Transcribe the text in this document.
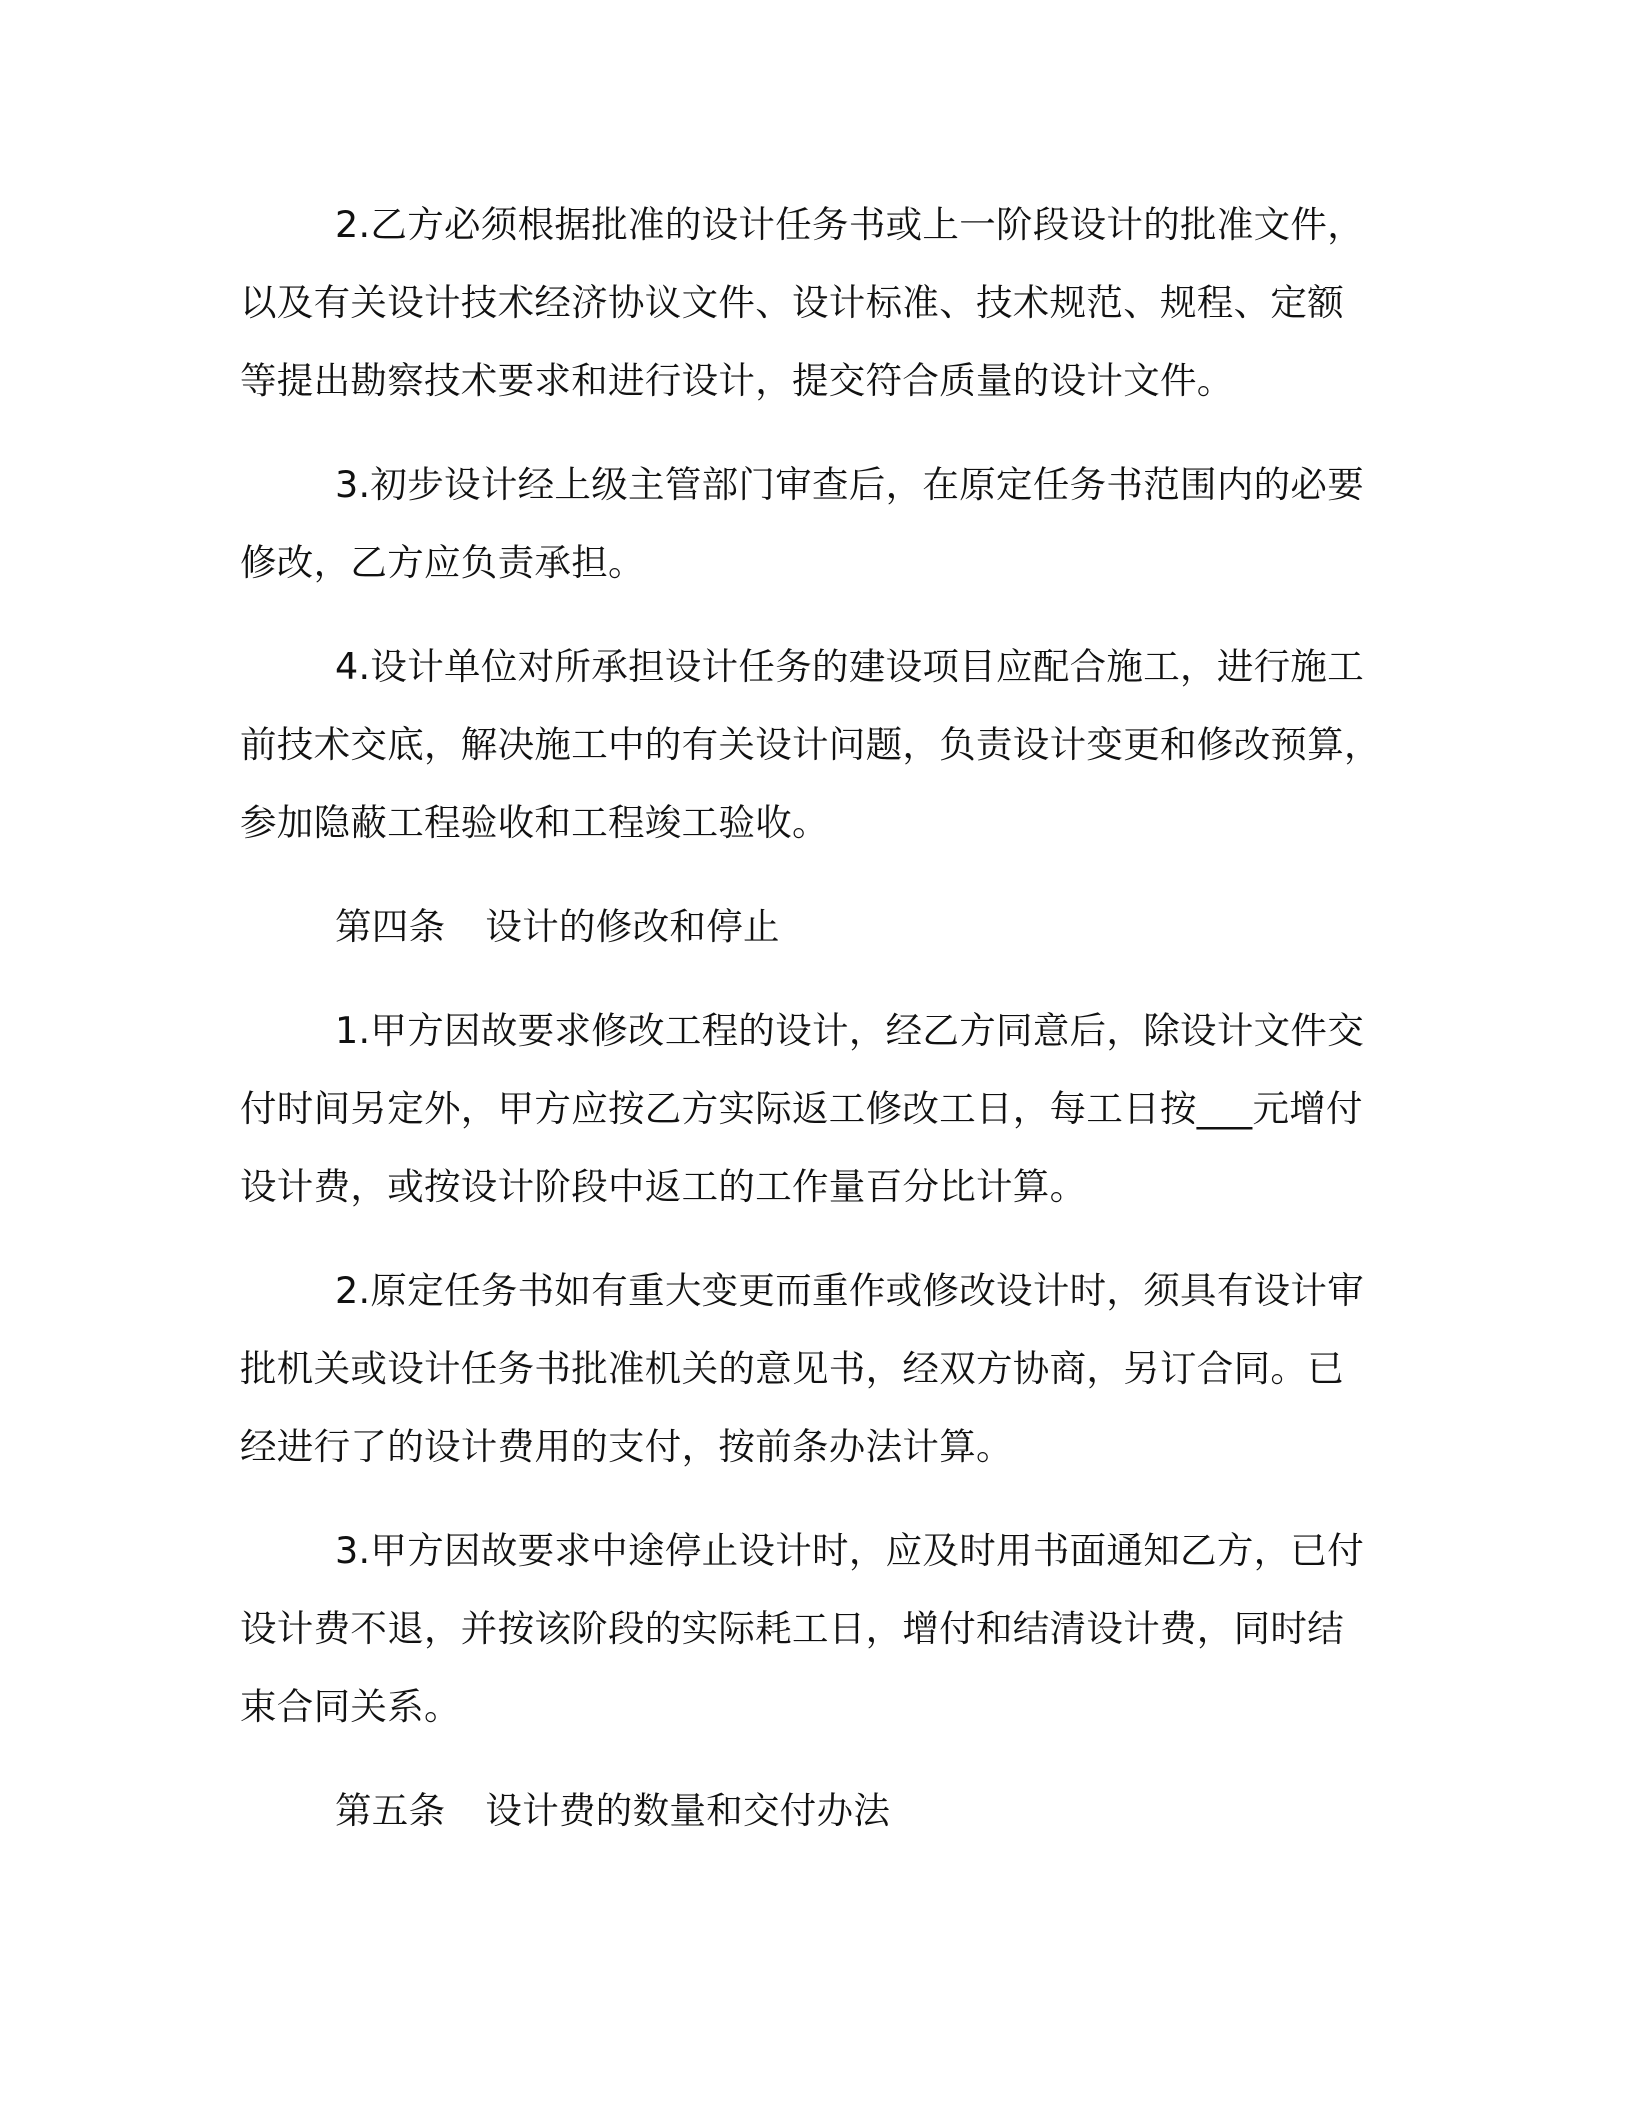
2.乙方必须根据批准的设计任务书或上一阶段设计的批准文件，
以及有关设计技术经济协议文件、设计标准、技术规范、规程、定额
等提出勘察技术要求和进行设计，提交符合质量的设计文件。

3.初步设计经上级主管部门审查后，在原定任务书范围内的必要
修改，乙方应负责承担。

4.设计单位对所承担设计任务的建设项目应配合施工，进行施工
前技术交底，解决施工中的有关设计问题，负责设计变更和修改预算，
参加隐蔽工程验收和工程竣工验收。

第四条 设计的修改和停止

1.甲方因故要求修改工程的设计，经乙方同意后，除设计文件交
付时间另定外，甲方应按乙方实际返工修改工日，每工日按___元增付
设计费，或按设计阶段中返工的工作量百分比计算。

2.原定任务书如有重大变更而重作或修改设计时，须具有设计审
批机关或设计任务书批准机关的意见书，经双方协商，另订合同。已
经进行了的设计费用的支付，按前条办法计算。

3.甲方因故要求中途停止设计时，应及时用书面通知乙方，已付
设计费不退，并按该阶段的实际耗工日，增付和结清设计费，同时结
束合同关系。

第五条 设计费的数量和交付办法
